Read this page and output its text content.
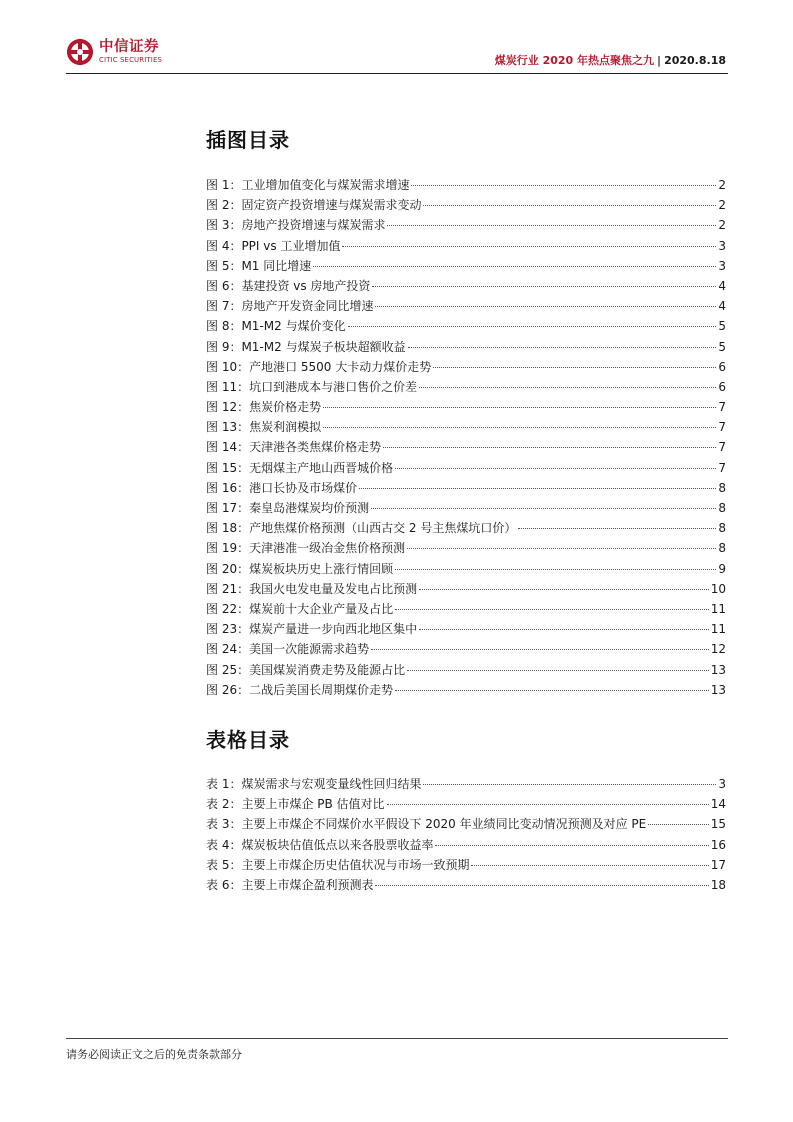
中信证券
CITIC SECURITIES	煤炭行业 2020 年热点聚焦之九 | 2020.8.18
插图目录
图 1：工业增加值变化与煤炭需求增速	2
图 2：固定资产投资增速与煤炭需求变动	2
图 3：房地产投资增速与煤炭需求	2
图 4：PPI vs 工业增加值	3
图 5：M1 同比增速	3
图 6：基建投资 vs 房地产投资	4
图 7：房地产开发资金同比增速	4
图 8：M1-M2 与煤价变化	5
图 9：M1-M2 与煤炭子板块超额收益	5
图 10：产地港口 5500 大卡动力煤价走势	6
图 11：坑口到港成本与港口售价之价差	6
图 12：焦炭价格走势	7
图 13：焦炭利润模拟	7
图 14：天津港各类焦煤价格走势	7
图 15：无烟煤主产地山西晋城价格	7
图 16：港口长协及市场煤价	8
图 17：秦皇岛港煤炭均价预测	8
图 18：产地焦煤价格预测（山西古交 2 号主焦煤坑口价）	8
图 19：天津港准一级冶金焦价格预测	8
图 20：煤炭板块历史上涨行情回顾	9
图 21：我国火电发电量及发电占比预测	10
图 22：煤炭前十大企业产量及占比	11
图 23：煤炭产量进一步向西北地区集中	11
图 24：美国一次能源需求趋势	12
图 25：美国煤炭消费走势及能源占比	13
图 26：二战后美国长周期煤价走势	13
表格目录
表 1：煤炭需求与宏观变量线性回归结果	3
表 2：主要上市煤企 PB 估值对比	14
表 3：主要上市煤企不同煤价水平假设下 2020 年业绩同比变动情况预测及对应 PE	15
表 4：煤炭板块估值低点以来各股票收益率	16
表 5：主要上市煤企历史估值状况与市场一致预期	17
表 6：主要上市煤企盈利预测表	18
请务必阅读正文之后的免责条款部分
